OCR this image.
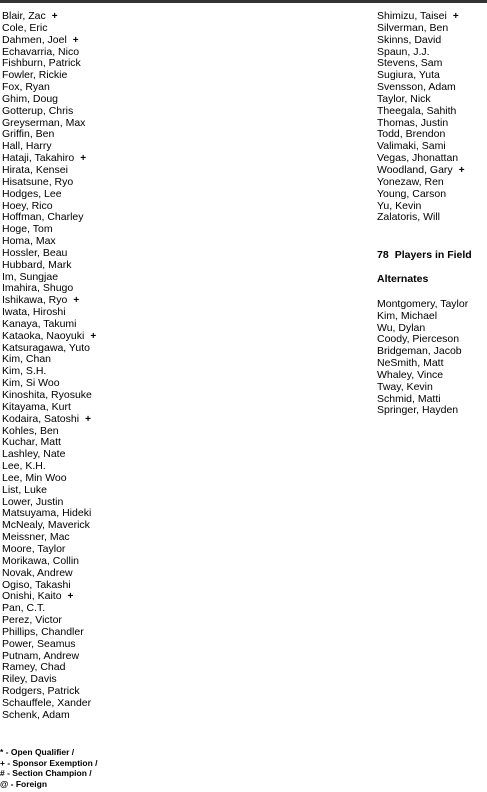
Blair, Zac +
Cole, Eric
Dahmen, Joel +
Echavarria, Nico
Fishburn, Patrick
Fowler, Rickie
Fox, Ryan
Ghim, Doug
Gotterup, Chris
Greyserman, Max
Griffin, Ben
Hall, Harry
Hataji, Takahiro +
Hirata, Kensei
Hisatsune, Ryo
Hodges, Lee
Hoey, Rico
Hoffman, Charley
Hoge, Tom
Homa, Max
Hossler, Beau
Hubbard, Mark
Im, Sungjae
Imahira, Shugo
Ishikawa, Ryo +
Iwata, Hiroshi
Kanaya, Takumi
Kataoka, Naoyuki +
Katsuragawa, Yuto
Kim, Chan
Kim, S.H.
Kim, Si Woo
Kinoshita, Ryosuke
Kitayama, Kurt
Kodaira, Satoshi +
Kohles, Ben
Kuchar, Matt
Lashley, Nate
Lee, K.H.
Lee, Min Woo
List, Luke
Lower, Justin
Matsuyama, Hideki
McNealy, Maverick
Meissner, Mac
Moore, Taylor
Morikawa, Collin
Novak, Andrew
Ogiso, Takashi
Onishi, Kaito +
Pan, C.T.
Perez, Victor
Phillips, Chandler
Power, Seamus
Putnam, Andrew
Ramey, Chad
Riley, Davis
Rodgers, Patrick
Schauffele, Xander
Schenk, Adam
Shimizu, Taisei +
Silverman, Ben
Skinns, David
Spaun, J.J.
Stevens, Sam
Sugiura, Yuta
Svensson, Adam
Taylor, Nick
Theegala, Sahith
Thomas, Justin
Todd, Brendon
Valimaki, Sami
Vegas, Jhonattan
Woodland, Gary +
Yonezaw, Ren
Young, Carson
Yu, Kevin
Zalatoris, Will
78 Players in Field
Alternates
Montgomery, Taylor
Kim, Michael
Wu, Dylan
Coody, Pierceson
Bridgeman, Jacob
NeSmith, Matt
Whaley, Vince
Tway, Kevin
Schmid, Matti
Springer, Hayden
* - Open Qualifier /
+ - Sponsor Exemption /
# - Section Champion /
@ - Foreign
